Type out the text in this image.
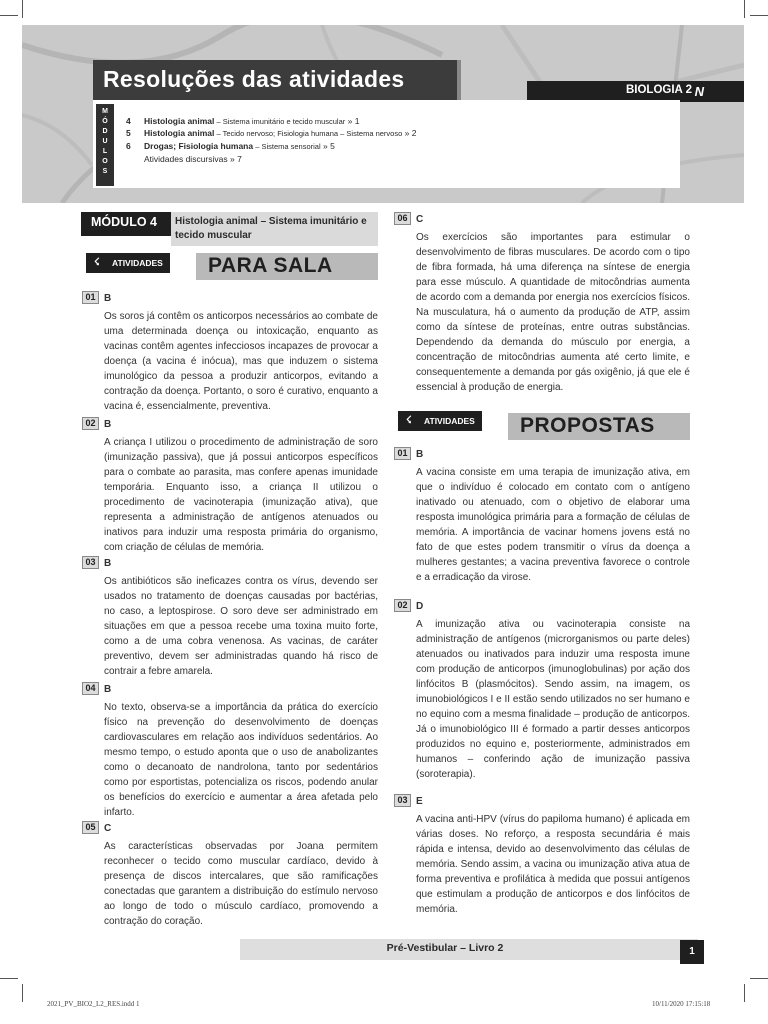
Resoluções das atividades	BIOLOGIA 2 N
M
Ó
D
U
L
O
S
4 Histologia animal – Sistema imunitário e tecido muscular » 1
5 Histologia animal – Tecido nervoso; Fisiologia humana – Sistema nervoso » 2
6 Drogas; Fisiologia humana – Sistema sensorial » 5
Atividades discursivas » 7
MÓDULO 4	Histologia animal – Sistema imunitário e tecido muscular
PARA SALA
☇ ATIVIDADES
01 B

Os soros já contêm os anticorpos necessários ao combate de uma determinada doença ou intoxicação, enquanto as vacinas contêm agentes infecciosos incapazes de provocar a doença (a vacina é inócua), mas que induzem o sistema imunológico da pessoa a produzir anticorpos, evitando a contração da doença. Portanto, o soro é curativo, enquanto a vacina é, essencialmente, preventiva.

02 B

A criança I utilizou o procedimento de administração de soro (imunização passiva), que já possui anticorpos específicos para o combate ao parasita, mas confere apenas imunidade temporária. Enquanto isso, a criança II utilizou o procedimento de vacinoterapia (imunização ativa), que representa a administração de antígenos atenuados ou inativos para induzir uma resposta primária do organismo, com criação de células de memória.

03 B

Os antibióticos são ineficazes contra os vírus, devendo ser usados no tratamento de doenças causadas por bactérias, no caso, a leptospirose. O soro deve ser administrado em situações em que a pessoa recebe uma toxina muito forte, como a de uma cobra venenosa. As vacinas, de caráter preventivo, devem ser administradas quando há risco de contrair a febre amarela.

04 B

No texto, observa-se a importância da prática do exercício físico na prevenção do desenvolvimento de doenças cardiovasculares em relação aos indivíduos sedentários. Ao mesmo tempo, o estudo aponta que o uso de anabolizantes como o decanoato de nandrolona, tanto por sedentários como por esportistas, potencializa os riscos, podendo anular os benefícios do exercício e aumentar a área afetada pelo infarto.

05 C

As características observadas por Joana permitem reconhecer o tecido como muscular cardíaco, devido à presença de discos intercalares, que são ramificações conectadas que garantem a distribuição do estímulo nervoso ao longo de todo o músculo cardíaco, promovendo a contração do coração.

06 C

Os exercícios são importantes para estimular o desenvolvimento de fibras musculares. De acordo com o tipo de fibra formada, há uma diferença na síntese de energia para esse músculo. A quantidade de mitocôndrias aumenta de acordo com a demanda por energia nos exercícios físicos. Na musculatura, há o aumento da produção de ATP, assim como da síntese de proteínas, entre outras substâncias. Dependendo da demanda do músculo por energia, a concentração de mitocôndrias aumenta até certo limite, e consequentemente a demanda por gás oxigênio, já que ele é essencial à produção de energia.

PROPOSTAS
☇ ATIVIDADES
01 B

A vacina consiste em uma terapia de imunização ativa, em que o indivíduo é colocado em contato com o antígeno inativado ou atenuado, com o objetivo de elaborar uma resposta imunológica primária para a formação de células de memória. A importância de vacinar homens jovens está no fato de que estes podem transmitir o vírus da doença a mulheres gestantes; a vacina preventiva favorece o controle e a erradicação da virose.

02 D

A imunização ativa ou vacinoterapia consiste na administração de antígenos (microrganismos ou parte deles) atenuados ou inativados para induzir uma resposta imune com produção de anticorpos (imunoglobulinas) por ação dos linfócitos B (plasmócitos). Sendo assim, na imagem, os imunobiológicos I e II estão sendo utilizados no ser humano e no equino com a mesma finalidade – produção de anticorpos. Já o imunobiológico III é formado a partir desses anticorpos produzidos no equino e, posteriormente, administrados em humanos – conferindo ação de imunização passiva (soroterapia).

03 E

A vacina anti-HPV (vírus do papiloma humano) é aplicada em várias doses. No reforço, a resposta secundária é mais rápida e intensa, devido ao desenvolvimento das células de memória. Sendo assim, a vacina ou imunização ativa atua de forma preventiva e profilática à medida que possui antígenos que estimulam a produção de anticorpos e dos linfócitos de memória.

Pré-Vestibular – Livro 2	1
2021_PV_BIO2_L2_RES.indd 1	10/11/2020 17:15:18
